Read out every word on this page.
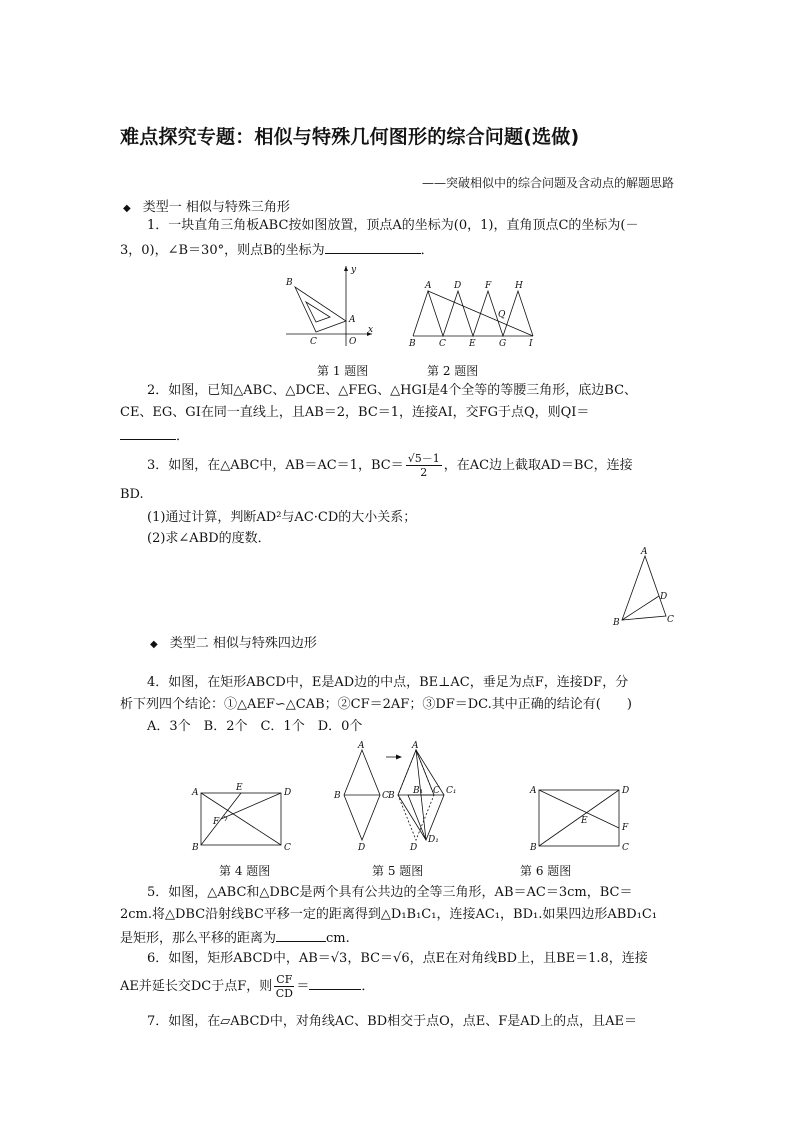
难点探究专题：相似与特殊几何图形的综合问题(选做)
——突破相似中的综合问题及含动点的解题思路
◆ 类型一 相似与特殊三角形
1．一块直角三角板ABC按如图放置，顶点A的坐标为(0，1)，直角顶点C的坐标为(－
3，0)，∠B＝30°，则点B的坐标为	．
B
C	O
A
x
y
A	D	F	H
Q
B	C	E	G	I
第 1 题图	第 2 题图
2．如图，已知△ABC、△DCE、△FEG、△HGI是4个全等的等腰三角形，底边BC、
CE、EG、GI在同一直线上，且AB＝2，BC＝1，连接AI，交FG于点Q，则QI＝
．
3．如图，在△ABC中，AB＝AC＝1，$BC= \frac{√5-1}{2}$ ，在AC边上截取AD＝BC，连接
BD.
(1)通过计算，判断AD²与AC·CD的大小关系；
(2)求∠ABD的度数．
A
D
B	C
◆ 类型二 相似与特殊四边形
4．如图，在矩形ABCD中，E是AD边的中点，BE⊥AC，垂足为点F，连接DF，分
析下列四个结论：①△AEF∽△CAB；②CF＝2AF；③DF＝DC.其中正确的结论有(　　)
A．3个　B．2个　C．1个　D．0个
A	E	D
F
B	C
A
B	C
D
A
B B₁ C C₁
D
D₁
A	D
E
F
B	C
第 4 题图	第 5 题图	第 6 题图
5．如图，△ABC和△DBC是两个具有公共边的全等三角形，AB＝AC＝3cm，BC＝
2cm.将△DBC沿射线BC平移一定的距离得到△D₁B₁C₁，连接AC₁，BD₁.如果四边形ABD₁C₁
是矩形，那么平移的距离为	cm.
6．如图，矩形ABCD中，AB＝√3，BC＝√6，点E在对角线BD上，且BE＝1.8，连接
AE并延长交DC于点F，则 $\frac{CF}{CD}$ ＝	．
7．如图，在▱ABCD中，对角线AC、BD相交于点O，点E、F是AD上的点，且AE＝
